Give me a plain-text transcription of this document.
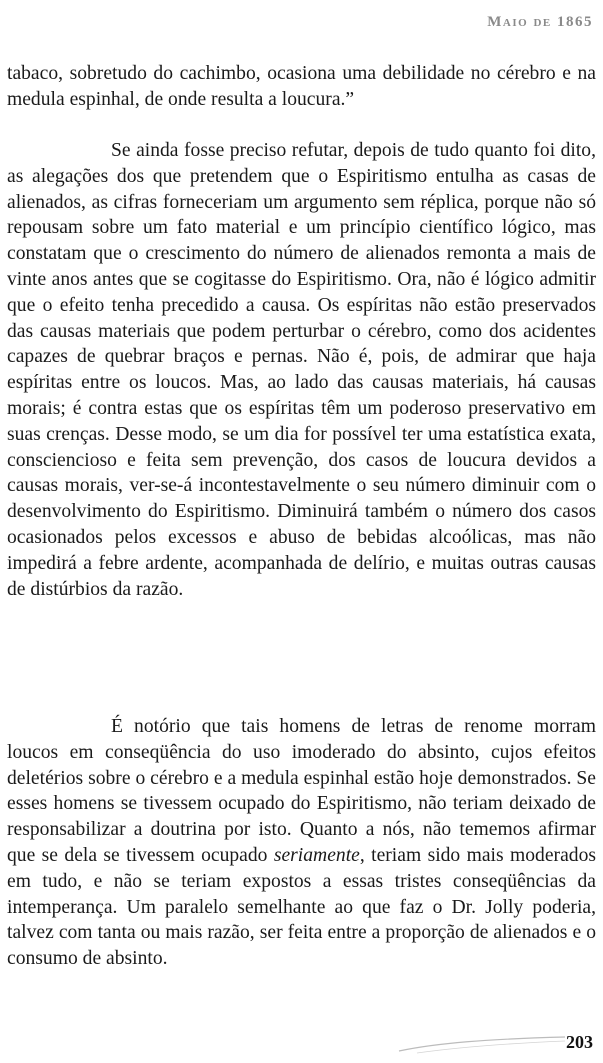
Maio de 1865

tabaco, sobretudo do cachimbo, ocasiona uma debilidade no cérebro e na medula espinhal, de onde resulta a loucura.”

Se ainda fosse preciso refutar, depois de tudo quanto foi dito, as alegações dos que pretendem que o Espiritismo entulha as casas de alienados, as cifras forneceriam um argumento sem réplica, porque não só repousam sobre um fato material e um princípio científico lógico, mas constatam que o crescimento do número de alienados remonta a mais de vinte anos antes que se cogitasse do Espiritismo. Ora, não é lógico admitir que o efeito tenha precedido a causa. Os espíritas não estão preservados das causas materiais que podem perturbar o cérebro, como dos acidentes capazes de quebrar braços e pernas. Não é, pois, de admirar que haja espíritas entre os loucos. Mas, ao lado das causas materiais, há causas morais; é contra estas que os espíritas têm um poderoso preservativo em suas crenças. Desse modo, se um dia for possível ter uma estatística exata, consciencioso e feita sem prevenção, dos casos de loucura devidos a causas morais, ver-se-á incontestavelmente o seu número diminuir com o desenvolvimento do Espiritismo. Diminuirá também o número dos casos ocasionados pelos excessos e abuso de bebidas alcoólicas, mas não impedirá a febre ardente, acompanhada de delírio, e muitas outras causas de distúrbios da razão.

É notório que tais homens de letras de renome morram loucos em conseqüência do uso imoderado do absinto, cujos efeitos deletérios sobre o cérebro e a medula espinhal estão hoje demonstrados. Se esses homens se tivessem ocupado do Espiritismo, não teriam deixado de responsabilizar a doutrina por isto. Quanto a nós, não tememos afirmar que se dela se tivessem ocupado seriamente, teriam sido mais moderados em tudo, e não se teriam expostos a essas tristes conseqüências da intemperança. Um paralelo semelhante ao que faz o Dr. Jolly poderia, talvez com tanta ou mais razão, ser feita entre a proporção de alienados e o consumo de absinto.

203
